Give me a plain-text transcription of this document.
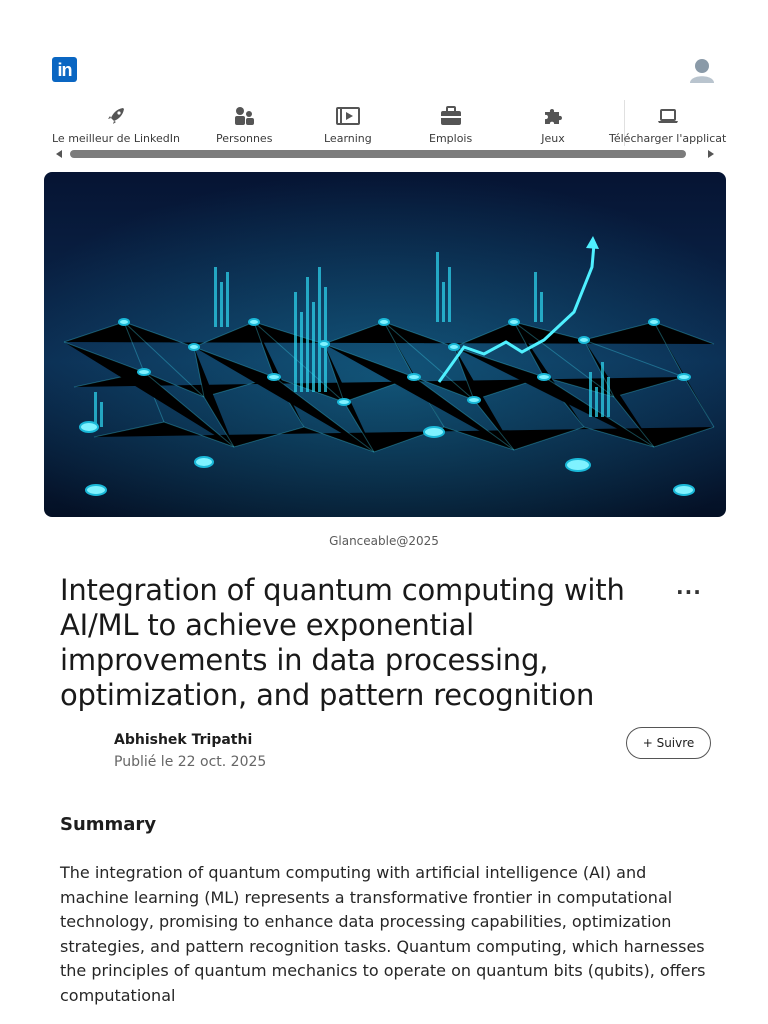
in
Le meilleur de LinkedIn	Personnes	Learning	Emplois	Jeux	Télécharger l'applicat
Glanceable@2025
Integration of quantum computing with AI/ML to achieve exponential improvements in data processing, optimization, and pattern recognition
···
Abhishek Tripathi
Publié le 22 oct. 2025
+ Suivre
Summary

The integration of quantum computing with artificial intelligence (AI) and machine learning (ML) represents a transformative frontier in computational technology, promising to enhance data processing capabilities, optimization strategies, and pattern recognition tasks. Quantum computing, which harnesses the principles of quantum mechanics to operate on quantum bits (qubits), offers computational
